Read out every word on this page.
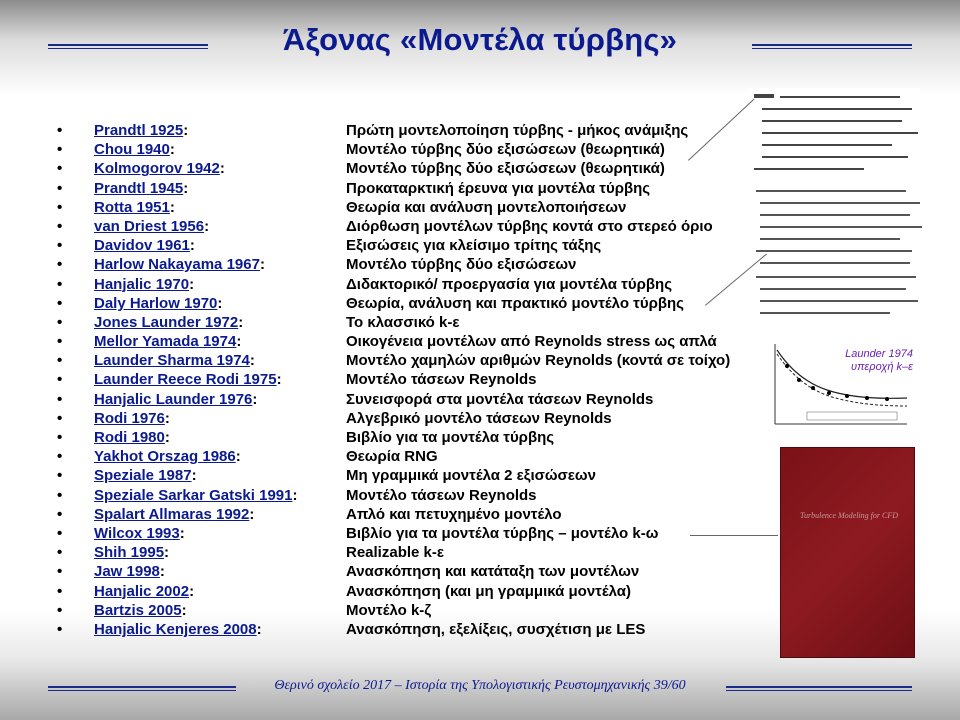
Άξονας «Μοντέλα τύρβης»
Launder 1974
υπεροχή k–ε
Turbulence Modeling for CFD
• Prandtl 1925:	Πρώτη μοντελοποίηση τύρβης - μήκος ανάμιξης
• Chou 1940:	Μοντέλο τύρβης δύο εξισώσεων (θεωρητικά)
• Kolmogorov 1942:	Μοντέλο τύρβης δύο εξισώσεων (θεωρητικά)
• Prandtl 1945:	Προκαταρκτική έρευνα για μοντέλα τύρβης
• Rotta 1951:	Θεωρία και ανάλυση μοντελοποιήσεων
• van Driest 1956:	Διόρθωση μοντέλων τύρβης κοντά στο στερεό όριο
• Davidov 1961:	Εξισώσεις για κλείσιμο τρίτης τάξης
• Harlow Nakayama 1967:	Μοντέλο τύρβης δύο εξισώσεων
• Hanjalic 1970:	Διδακτορικό/ προεργασία για μοντέλα τύρβης
• Daly Harlow 1970:	Θεωρία, ανάλυση και πρακτικό μοντέλο τύρβης
• Jones Launder 1972:	Το κλασσικό k-ε
• Mellor Yamada 1974:	Οικογένεια μοντέλων από Reynolds stress ως απλά
• Launder Sharma 1974:	Μοντέλο χαμηλών αριθμών Reynolds (κοντά σε τοίχο)
• Launder Reece Rodi 1975:	Μοντέλο τάσεων Reynolds
• Hanjalic Launder 1976:	Συνεισφορά στα μοντέλα τάσεων Reynolds
• Rodi 1976:	Αλγεβρικό μοντέλο τάσεων Reynolds
• Rodi 1980:	Βιβλίο για τα μοντέλα τύρβης
• Yakhot Orszag 1986:	Θεωρία RNG
• Speziale 1987:	Μη γραμμικά μοντέλα 2 εξισώσεων
• Speziale Sarkar Gatski 1991:	Μοντέλο τάσεων Reynolds
• Spalart Allmaras 1992:	Απλό και πετυχημένο μοντέλο
• Wilcox 1993:	Βιβλίο για τα μοντέλα τύρβης – μοντέλο k-ω
• Shih 1995:	Realizable k-ε
• Jaw 1998:	Ανασκόπηση και κατάταξη των μοντέλων
• Hanjalic 2002:	Ανασκόπηση (και μη γραμμικά μοντέλα)
• Bartzis 2005:	Μοντέλο k-ζ
• Hanjalic Kenjeres 2008:	Ανασκόπηση, εξελίξεις, συσχέτιση με LES
Θερινό σχολείο 2017 – Ιστορία της Υπολογιστικής Ρευστομηχανικής 39/60
